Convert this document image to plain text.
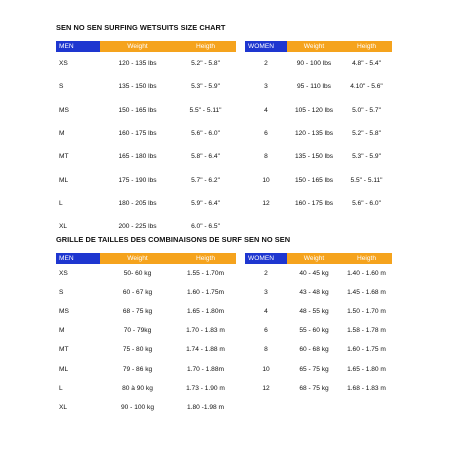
SEN NO SEN SURFING WETSUITS SIZE CHART
MEN	Weight	Heigth
XS	120 - 135 lbs	5.2" - 5.8"
S	135 - 150 lbs	5.3" - 5.9"
MS	150 - 165 lbs	5.5" - 5.11"
M	160 - 175 lbs	5.6" - 6.0"
MT	165 - 180 lbs	5.8" - 6.4"
ML	175 - 190 lbs	5.7" - 6.2"
L	180 - 205 lbs	5.9" - 6.4"
XL	200 - 225 lbs	6.0" - 6.5"
WOMEN	Weight	Heigth
2	90 - 100 lbs	4.8" - 5.4"
3	95 - 110 lbs	4.10" - 5.6"
4	105 - 120 lbs	5.0" - 5.7"
6	120 - 135 lbs	5.2" - 5.8"
8	135 - 150 lbs	5.3" - 5.9"
10	150 - 165 lbs	5.5" - 5.11"
12	160 - 175 lbs	5.6" - 6.0"
GRILLE DE TAILLES DES COMBINAISONS DE SURF SEN NO SEN
MEN	Weight	Heigth
XS	50- 60 kg	1.55 - 1.70m
S	60 - 67 kg	1.60 - 1.75m
MS	68 - 75 kg	1.65 - 1.80m
M	70 - 79kg	1.70 - 1.83 m
MT	75 - 80 kg	1.74 - 1.88 m
ML	79 - 86 kg	1.70 - 1.88m
L	80 à 90 kg	1.73 - 1.90 m
XL	90 - 100 kg	1.80 -1.98 m
WOMEN	Weight	Heigth
2	40 - 45 kg	1.40 - 1.60 m
3	43 - 48 kg	1.45 - 1.68 m
4	48 - 55 kg	1.50 - 1.70 m
6	55 - 60 kg	1.58 - 1.78 m
8	60 - 68 kg	1.60 - 1.75 m
10	65 - 75 kg	1.65 - 1.80 m
12	68 - 75 kg	1.68 - 1.83 m
